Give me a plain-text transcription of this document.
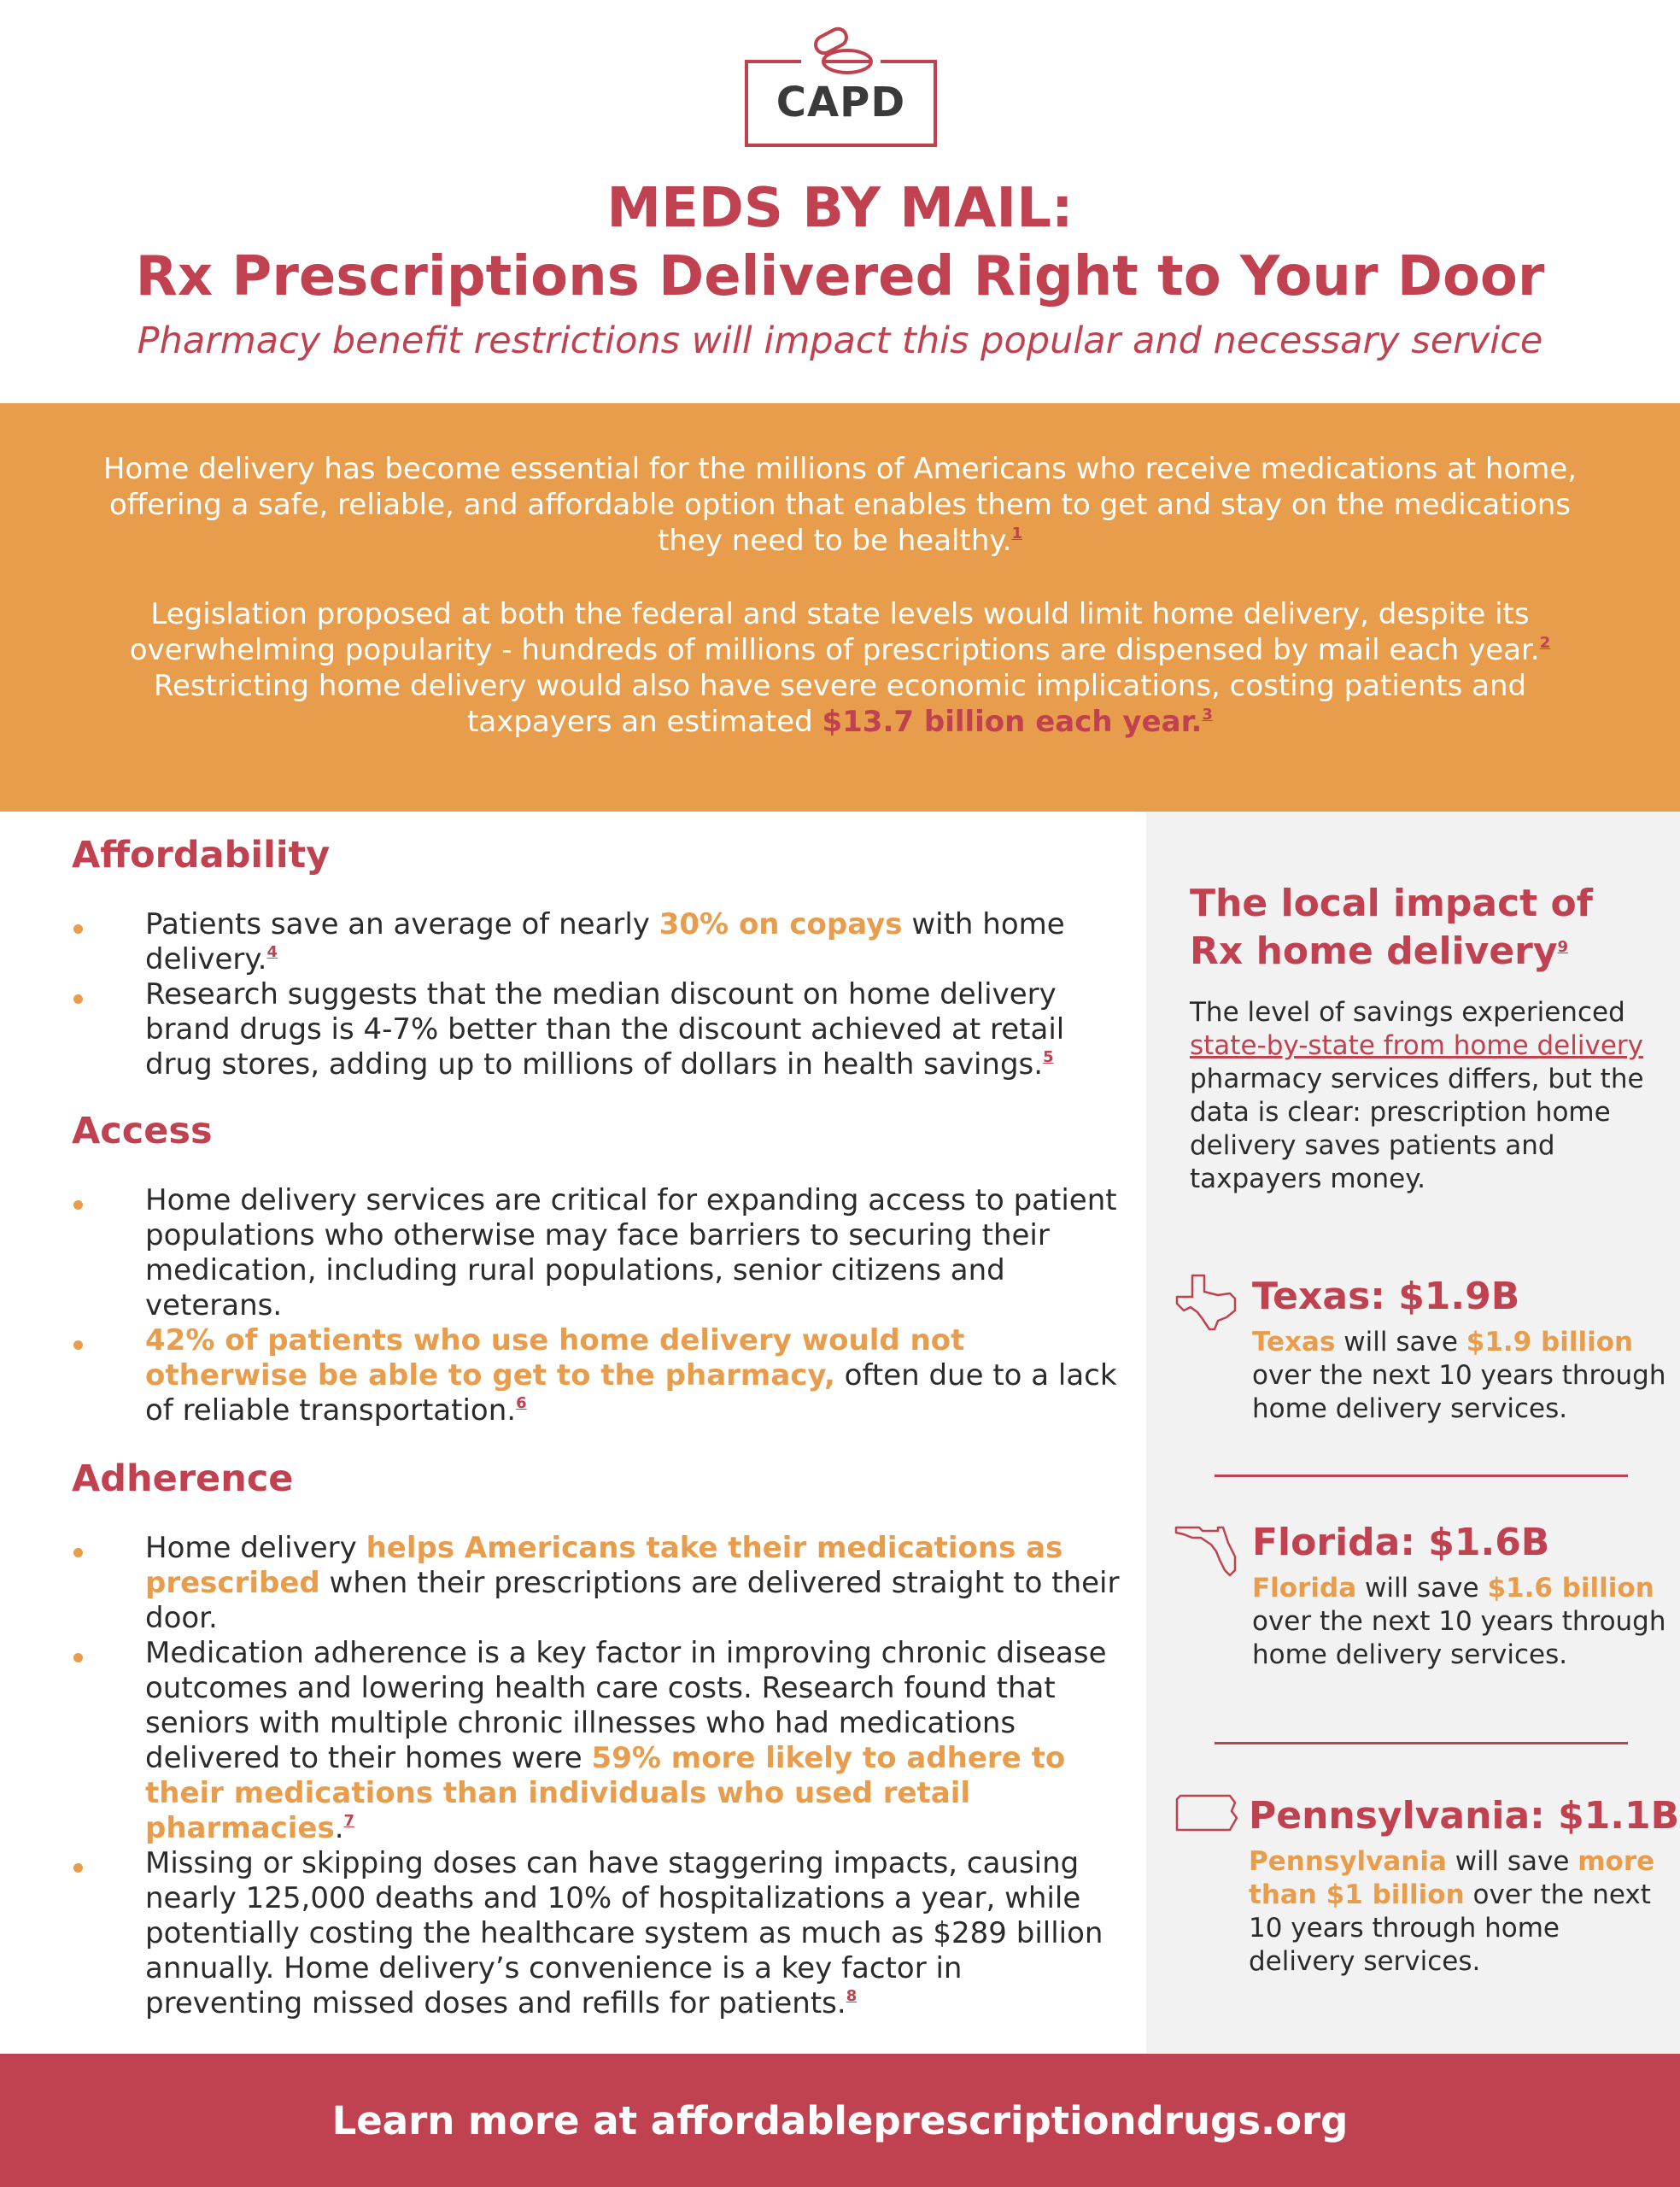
CAPD
MEDS BY MAIL:
Rx Prescriptions Delivered Right to Your Door
Pharmacy benefit restrictions will impact this popular and necessary service

Home delivery has become essential for the millions of Americans who receive medications at home, offering a safe, reliable, and affordable option that enables them to get and stay on the medications they need to be healthy.$^1$

Legislation proposed at both the federal and state levels would limit home delivery, despite its overwhelming popularity - hundreds of millions of prescriptions are dispensed by mail each year.$^2$ Restricting home delivery would also have severe economic implications, costing patients and taxpayers an estimated $13.7 billion each year.$^3$

Affordability
Patients save an average of nearly 30% on copays with home delivery.$^4$
Research suggests that the median discount on home delivery brand drugs is 4-7% better than the discount achieved at retail drug stores, adding up to millions of dollars in health savings.$^5$
Access
Home delivery services are critical for expanding access to patient populations who otherwise may face barriers to securing their medication, including rural populations, senior citizens and veterans.
42% of patients who use home delivery would not otherwise be able to get to the pharmacy, often due to a lack of reliable transportation.$^6$
Adherence
Home delivery helps Americans take their medications as prescribed when their prescriptions are delivered straight to their door.
Medication adherence is a key factor in improving chronic disease outcomes and lowering health care costs. Research found that seniors with multiple chronic illnesses who had medications delivered to their homes were 59% more likely to adhere to their medications than individuals who used retail pharmacies.$^7$
Missing or skipping doses can have staggering impacts, causing nearly 125,000 deaths and 10% of hospitalizations a year, while potentially costing the healthcare system as much as $289 billion annually. Home delivery’s convenience is a key factor in preventing missed doses and refills for patients.$^8$
The local impact of Rx home delivery$^9$
The level of savings experienced state-by-state from home delivery pharmacy services differs, but the data is clear: prescription home delivery saves patients and taxpayers money.
Texas: $1.9B
Texas will save $1.9 billion over the next 10 years through home delivery services.
Florida: $1.6B
Florida will save $1.6 billion over the next 10 years through home delivery services.
Pennsylvania: $1.1B
Pennsylvania will save more than $1 billion over the next 10 years through home delivery services.
Learn more at affordableprescriptiondrugs.org
